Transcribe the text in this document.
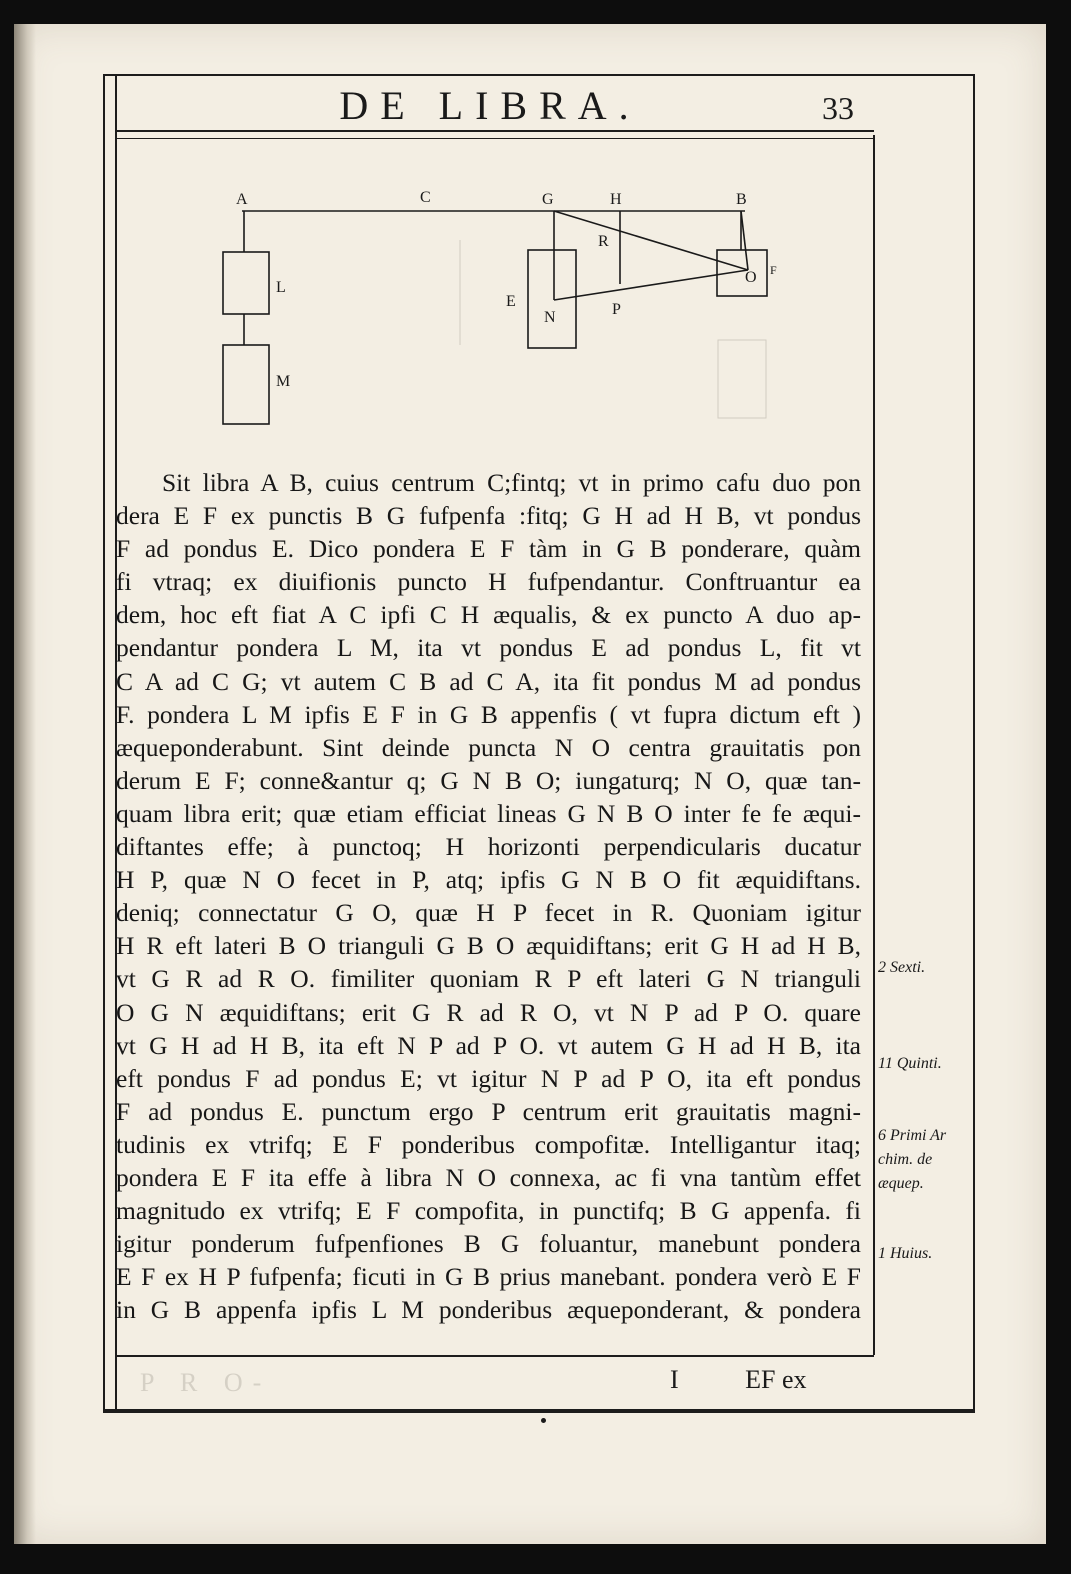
DE LIBRA.	33
A	C	G	H	B
R
O F
L
E
N	P
M
Sit libra A B, cuius centrum C;fintq; vt in primo cafu duo pon
dera E F ex punctis B G fufpenfa :fitq; G H ad H B, vt pondus
F ad pondus E. Dico pondera E F tàm in G B ponderare, quàm
fi vtraq; ex diuifionis puncto H fufpendantur. Conftruantur ea
dem, hoc eft fiat A C ipfi C H æqualis, & ex puncto A duo ap-
pendantur pondera L M, ita vt pondus E ad pondus L, fit vt
C A ad C G; vt autem C B ad C A, ita fit pondus M ad pondus
F. pondera L M ipfis E F in G B appenfis ( vt fupra dictum eft )
æqueponderabunt. Sint deinde puncta N O centra grauitatis pon
derum E F; conne&antur q; G N B O; iungaturq; N O, quæ tan-
quam libra erit; quæ etiam efficiat lineas G N B O inter fe fe æqui-
diftantes effe; à punctoq; H horizonti perpendicularis ducatur
H P, quæ N O fecet in P, atq; ipfis G N B O fit æquidiftans.
deniq; connectatur G O, quæ H P fecet in R. Quoniam igitur
H R eft lateri B O trianguli G B O æquidiftans; erit G H ad H B,
vt G R ad R O. fimiliter quoniam R P eft lateri G N trianguli
O G N æquidiftans; erit G R ad R O, vt N P ad P O. quare
vt G H ad H B, ita eft N P ad P O. vt autem G H ad H B, ita
eft pondus F ad pondus E; vt igitur N P ad P O, ita eft pondus
F ad pondus E. punctum ergo P centrum erit grauitatis magni-
tudinis ex vtrifq; E F ponderibus compofitæ. Intelligantur itaq;
pondera E F ita effe à libra N O connexa, ac fi vna tantùm effet
magnitudo ex vtrifq; E F compofita, in punctifq; B G appenfa. fi
igitur ponderum fufpenfiones B G foluantur, manebunt pondera
E F ex H P fufpenfa; ficuti in G B prius manebant. pondera verò E F
in G B appenfa ipfis L M ponderibus æqueponderant, & pondera
2 Sexti.
11 Quinti.
6 Primi Ar chim. de æquep.
1 Huius.
P R O-	I	EF ex
